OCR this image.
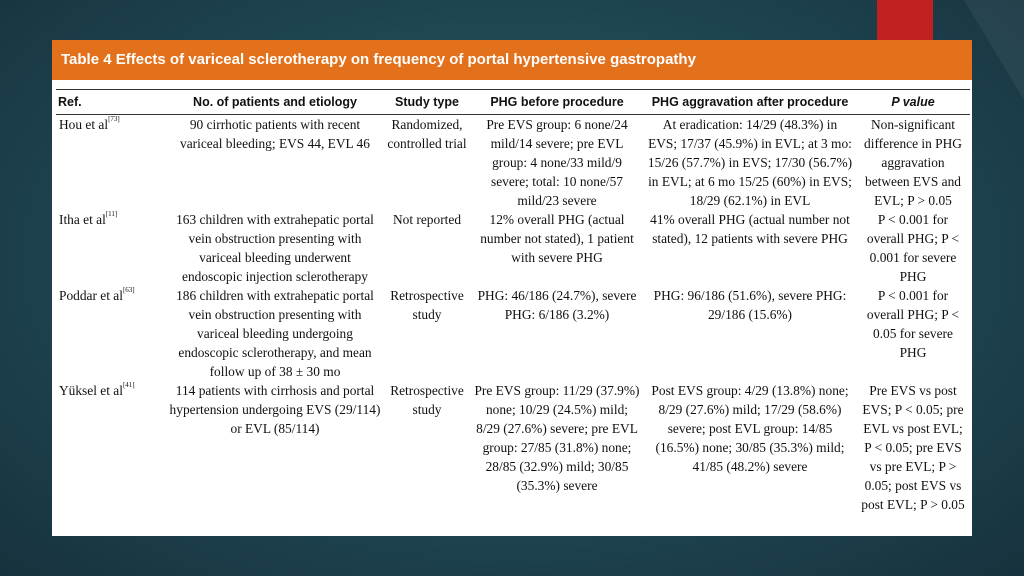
Table 4 Effects of variceal sclerotherapy on frequency of portal hypertensive gastropathy
Ref.	No. of patients and etiology	Study type	PHG before procedure	PHG aggravation after procedure	P value
Hou et al[73]	90 cirrhotic patients with recent variceal bleeding; EVS 44, EVL 46	Randomized, controlled trial	Pre EVS group: 6 none/24 mild/14 severe; pre EVL group: 4 none/33 mild/9 severe; total: 10 none/57 mild/23 severe	At eradication: 14/29 (48.3%) in EVS; 17/37 (45.9%) in EVL; at 3 mo: 15/26 (57.7%) in EVS; 17/30 (56.7%) in EVL; at 6 mo 15/25 (60%) in EVS; 18/29 (62.1%) in EVL	Non-significant difference in PHG aggravation between EVS and EVL; P > 0.05
Itha et al[11]	163 children with extrahepatic portal vein obstruction presenting with variceal bleeding underwent endoscopic injection sclerotherapy	Not reported	12% overall PHG (actual number not stated), 1 patient with severe PHG	41% overall PHG (actual number not stated), 12 patients with severe PHG	P < 0.001 for overall PHG; P < 0.001 for severe PHG
Poddar et al[63]	186 children with extrahepatic portal vein obstruction presenting with variceal bleeding undergoing endoscopic sclerotherapy, and mean follow up of 38 ± 30 mo	Retrospective study	PHG: 46/186 (24.7%), severe PHG: 6/186 (3.2%)	PHG: 96/186 (51.6%), severe PHG: 29/186 (15.6%)	P < 0.001 for overall PHG; P < 0.05 for severe PHG
Yüksel et al[41]	114 patients with cirrhosis and portal hypertension undergoing EVS (29/114) or EVL (85/114)	Retrospective study	Pre EVS group: 11/29 (37.9%) none; 10/29 (24.5%) mild; 8/29 (27.6%) severe; pre EVL group: 27/85 (31.8%) none; 28/85 (32.9%) mild; 30/85 (35.3%) severe	Post EVS group: 4/29 (13.8%) none; 8/29 (27.6%) mild; 17/29 (58.6%) severe; post EVL group: 14/85 (16.5%) none; 30/85 (35.3%) mild; 41/85 (48.2%) severe	Pre EVS vs post EVS; P < 0.05; pre EVL vs post EVL; P < 0.05; pre EVS vs pre EVL; P > 0.05; post EVS vs post EVL; P > 0.05
